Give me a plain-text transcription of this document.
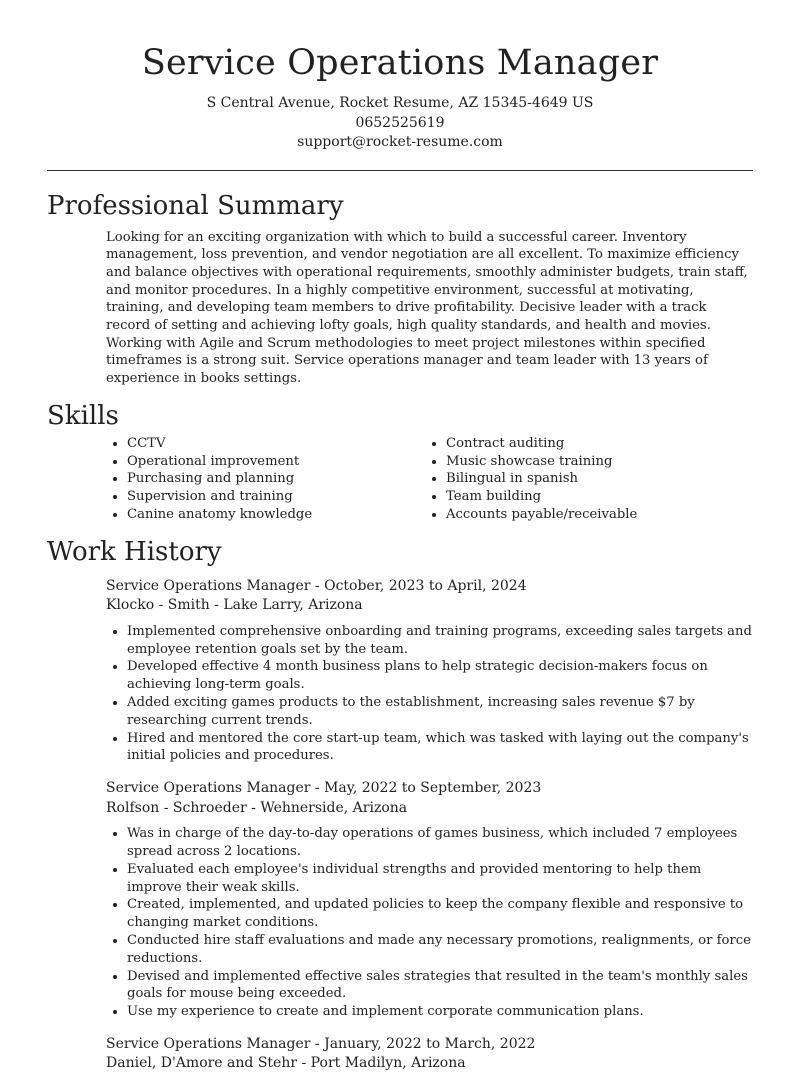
Service Operations Manager
S Central Avenue, Rocket Resume, AZ 15345-4649 US
0652525619
support@rocket-resume.com
Professional Summary
Looking for an exciting organization with which to build a successful career. Inventory management, loss prevention, and vendor negotiation are all excellent. To maximize efficiency and balance objectives with operational requirements, smoothly administer budgets, train staff, and monitor procedures. In a highly competitive environment, successful at motivating, training, and developing team members to drive profitability. Decisive leader with a track record of setting and achieving lofty goals, high quality standards, and health and movies. Working with Agile and Scrum methodologies to meet project milestones within specified timeframes is a strong suit. Service operations manager and team leader with 13 years of experience in books settings.
Skills
• CCTV
• Operational improvement
• Purchasing and planning
• Supervision and training
• Canine anatomy knowledge
• Contract auditing
• Music showcase training
• Bilingual in spanish
• Team building
• Accounts payable/receivable
Work History
Service Operations Manager - October, 2023 to April, 2024
Klocko - Smith - Lake Larry, Arizona
• Implemented comprehensive onboarding and training programs, exceeding sales targets and employee retention goals set by the team.
• Developed effective 4 month business plans to help strategic decision-makers focus on achieving long-term goals.
• Added exciting games products to the establishment, increasing sales revenue $7 by researching current trends.
• Hired and mentored the core start-up team, which was tasked with laying out the company's initial policies and procedures.
Service Operations Manager - May, 2022 to September, 2023
Rolfson - Schroeder - Wehnerside, Arizona
• Was in charge of the day-to-day operations of games business, which included 7 employees spread across 2 locations.
• Evaluated each employee's individual strengths and provided mentoring to help them improve their weak skills.
• Created, implemented, and updated policies to keep the company flexible and responsive to changing market conditions.
• Conducted hire staff evaluations and made any necessary promotions, realignments, or force reductions.
• Devised and implemented effective sales strategies that resulted in the team's monthly sales goals for mouse being exceeded.
• Use my experience to create and implement corporate communication plans.
Service Operations Manager - January, 2022 to March, 2022
Daniel, D'Amore and Stehr - Port Madilyn, Arizona
